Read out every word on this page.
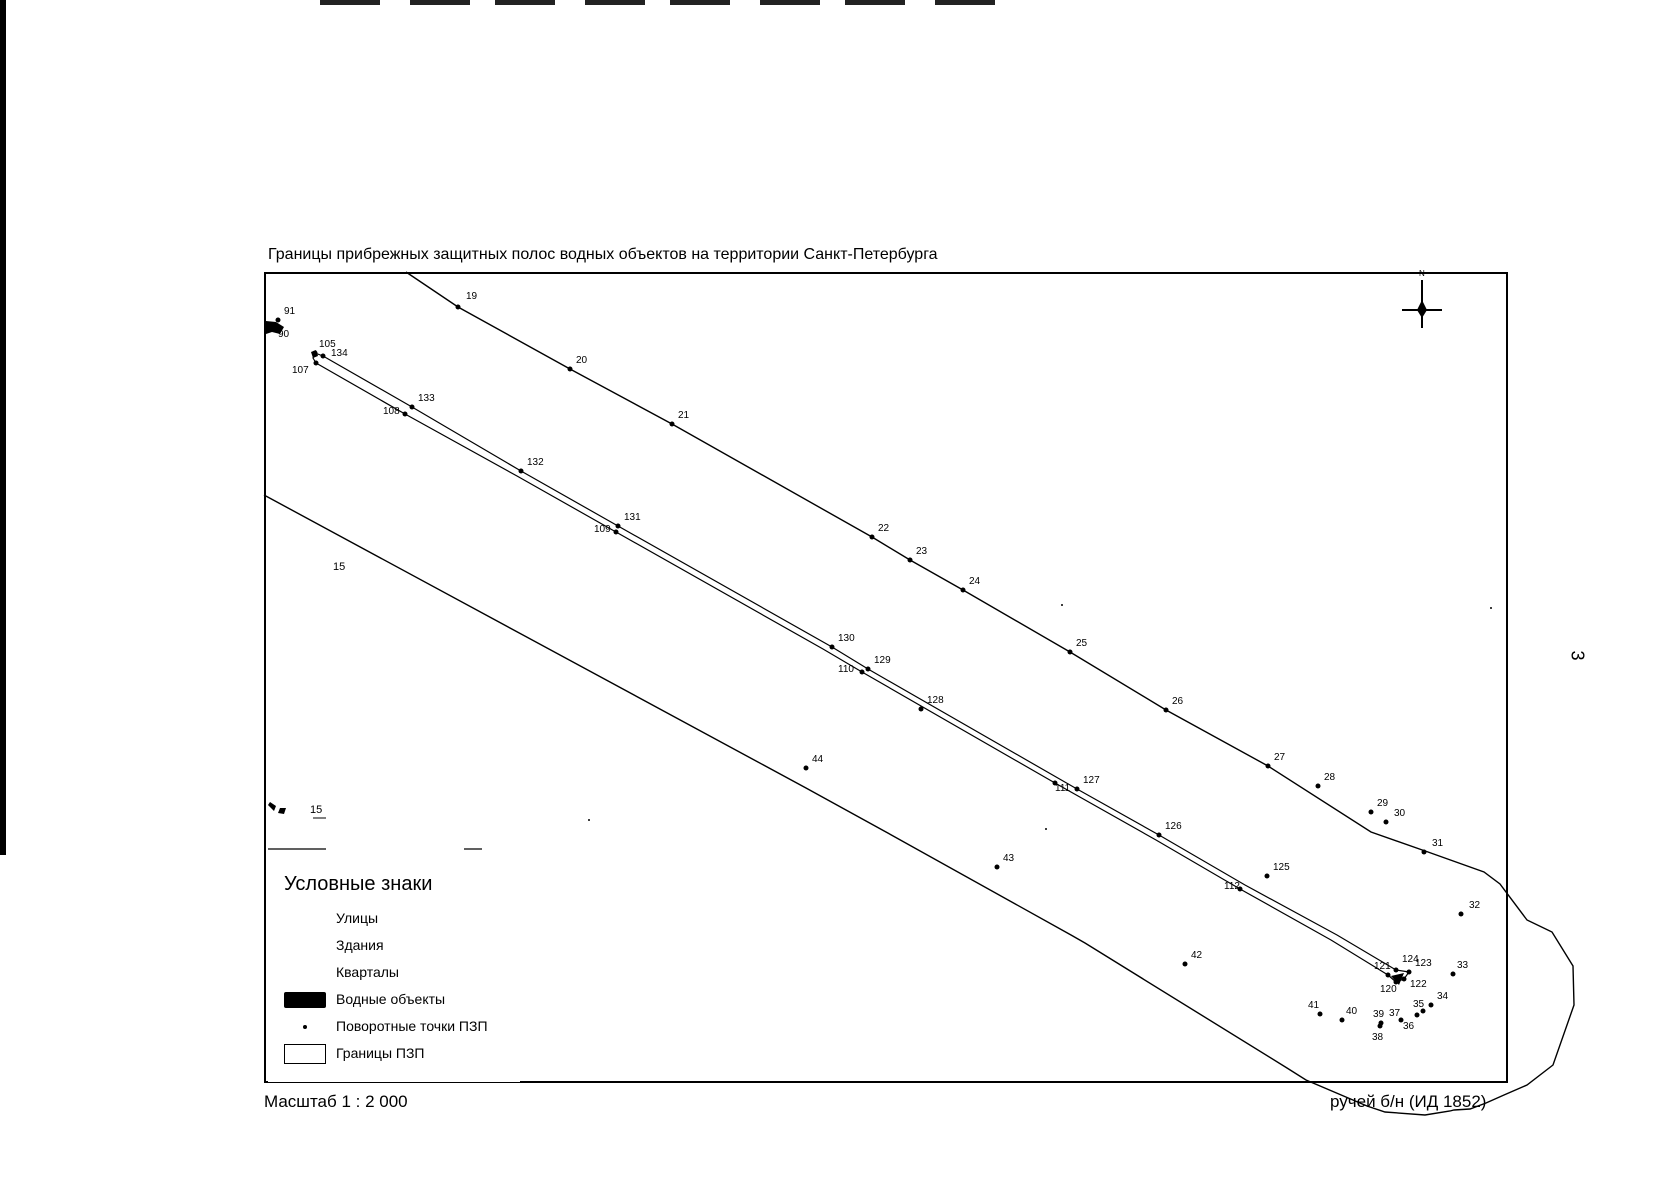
Границы прибрежных защитных полос водных объектов на территории Санкт-Петербурга
N
19
20
21
22
23
24
25
26
27
28
29
30
31
32
33
34
35
36
37
38
39
40
41
42
43
44
90
91
105
107
108
109
110
111
112
120
121
122
123
124
125
126
127
128
129
130
131
132
133
134
15
15
Условные знаки
Улицы
Здания
Кварталы
Водные объекты
Поворотные точки ПЗП
Границы ПЗП
Масштаб 1 : 2 000	ручей б/н (ИД 1852)
3
